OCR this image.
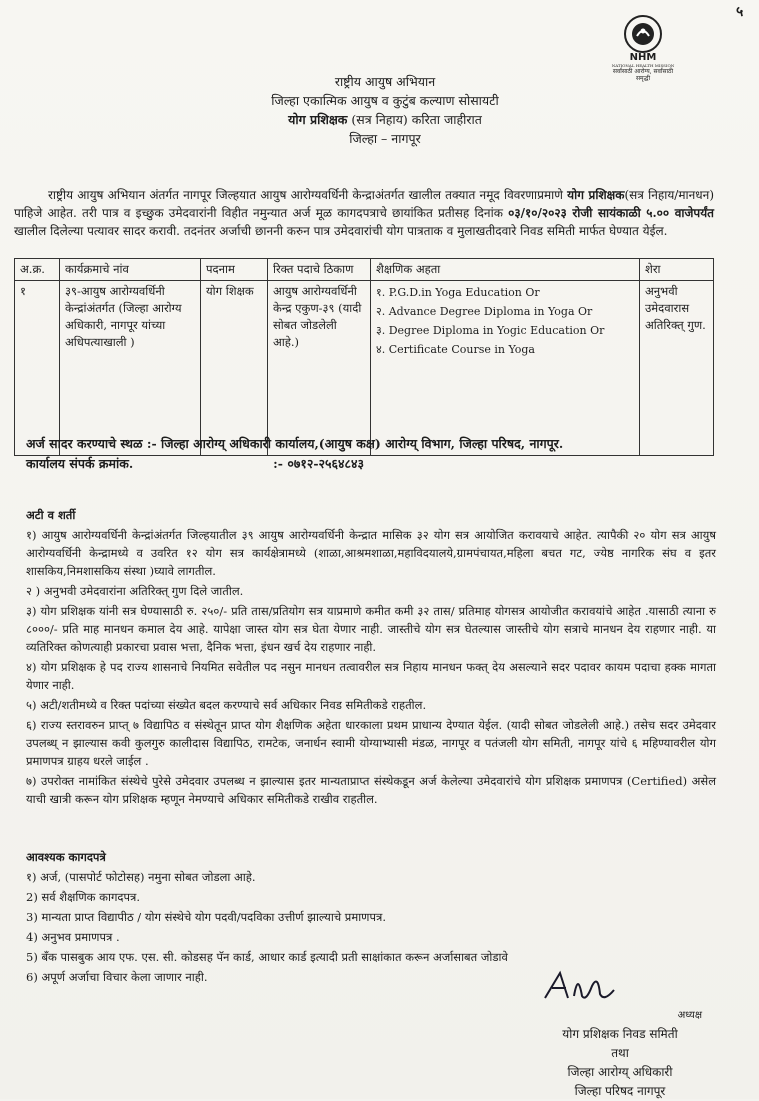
५
NHM
NATIONAL HEALTH MISSION
सर्वांसाठी आरोग्य, सर्वांसाठी समृद्धी
राष्ट्रीय आयुष अभियान
जिल्हा एकात्मिक आयुष व कुटुंब कल्याण सोसायटी
योग प्रशिक्षक (सत्र निहाय) करिता जाहीरात
जिल्हा – नागपूर
राष्ट्रीय आयुष अभियान अंतर्गत नागपूर जिल्हयात आयुष आरोग्यवर्धिनी केन्द्राअंतर्गत खालील तक्यात नमूद विवरणाप्रमाणे योग प्रशिक्षक(सत्र निहाय/मानधन) पाहिजे आहेत. तरी पात्र व इच्छुक उमेदवारांनी विहीत नमुन्यात अर्ज मूळ कागदपत्राचे छायांकित प्रतीसह दिनांक ०३/१०/२०२३ रोजी सायंकाळी ५.०० वाजेपर्यंत खालील दिलेल्या पत्यावर सादर करावी. तदनंतर अर्जाची छाननी करुन पात्र उमेदवारांची योग पात्रताक व मुलाखतीदवारे निवड समिती मार्फत घेण्यात येईल.
अ.क्र.	कार्यक्रमाचे नांव	पदनाम	रिक्त पदाचे ठिकाण	शैक्षणिक अहता	शेरा
१	३९-आयुष आरोग्यवर्धिनी केन्द्रांअंतर्गत (जिल्हा आरोग्य अधिकारी, नागपूर यांच्या अधिपत्याखाली )	योग शिक्षक	आयुष आरोग्यवर्धिनी केन्द्र एकुण-३९ (यादी सोबत जोडलेली आहे.)	१. P.G.D.in Yoga Education Or
२. Advance Degree Diploma in Yoga Or
३. Degree Diploma in Yogic Education Or
४. Certificate Course in Yoga	अनुभवी उमेदवारास अतिरिक्त् गुण.
अर्ज सादर करण्याचे स्थळ :- जिल्हा आरोग्य् अधिकारी कार्यालय,(आयुष कक्ष) आरोग्य् विभाग, जिल्हा परिषद, नागपूर.
कार्यालय संपर्क क्रमांक.	:- ०७१२-२५६४८४३

अटी व शर्ती

१) आयुष आरोग्यवर्धिनी केन्द्रांअंतर्गत जिल्हयातील ३९ आयुष आरोग्यवर्धिनी केन्द्रात मासिक ३२ योग सत्र आयोजित करावयाचे आहेत. त्यापैकी २० योग सत्र आयुष आरोग्यवर्धिनी केन्द्रामध्ये व उवरित १२ योग सत्र कार्यक्षेत्रामध्ये (शाळा,आश्रमशाळा,महाविदयालये,ग्रामपंचायत,महिला बचत गट, ज्येष्ठ नागरिक संघ व इतर शासकिय,निमशासकिय संस्था )घ्यावे लागतील.

२ ) अनुभवी उमेदवारांना अतिरिक्त् गुण दिले जातील.

३) योग प्रशिक्षक यांनी सत्र घेण्यासाठी रु. २५०/- प्रति तास/प्रतियोग सत्र याप्रमाणे कमीत कमी ३२ तास/ प्रतिमाह योगसत्र आयोजीत करावयांचे आहेत .यासाठी त्याना रु ८०००/- प्रति माह मानधन कमाल देय आहे. यापेक्षा जास्त योग सत्र घेता येणार नाही. जास्तीचे योग सत्र घेतल्यास जास्तीचे योग सत्राचे मानधन देय राहणार नाही. या व्यतिरिक्त कोणत्याही प्रकारचा प्रवास भत्ता, दैनिक भत्ता, इंधन खर्च देय राहणार नाही.

४) योग प्रशिक्षक हे पद राज्य शासनाचे नियमित सवेतील पद नसुन मानधन तत्वावरील सत्र निहाय मानधन फक्त् देय असल्याने सदर पदावर कायम पदाचा हक्क मागता येणार नाही.

५) अटी/शतीमध्ये व रिक्त पदांच्या संख्येत बदल करण्याचे सर्व अधिकार निवड समितीकडे राहतील.

६) राज्य स्तरावरुन प्राप्त् ७ विद्यापिठ व संस्थेतून प्राप्त योग शैक्षणिक अहेता धारकाला प्रथम प्राधान्य देण्यात येईल. (यादी सोबत जोडलेली आहे.) तसेच सदर उमेदवार उपलब्ध् न झाल्यास कवी कुलगुरु कालीदास विद्यापिठ, रामटेक, जनार्धन स्वामी योग्याभ्यासी मंडळ, नागपूर व पतंजली योग समिती, नागपूर यांचे ६ महिण्यावरील योग प्रमाणपत्र ग्राहय धरले जाईल .

७) उपरोक्त नामांकित संस्थेचे पुरेसे उमेदवार उपलब्ध न झाल्यास इतर मान्यताप्राप्त संस्थेकडून अर्ज केलेल्या उमेदवारांचे योग प्रशिक्षक प्रमाणपत्र (Certified) असेल याची खात्री करून योग प्रशिक्षक म्हणून नेमण्याचे अधिकार समितीकडे राखीव राहतील.

आवश्यक कागदपत्रे

१) अर्ज, (पासपोर्ट फोटोसह) नमुना सोबत जोडला आहे.

2) सर्व शैक्षणिक कागदपत्र.

3) मान्यता प्राप्त विद्यापीठ / योग संस्थेचे योग पदवी/पदविका उत्तीर्ण झाल्याचे प्रमाणपत्र.

4) अनुभव प्रमाणपत्र .

5) बँक पासबुक आय एफ. एस. सी. कोडसह पॅन कार्ड, आधार कार्ड इत्यादी प्रती साक्षांकात करून अर्जासाबत जोडावे

6) अपूर्ण अर्जाचा विचार केला जाणार नाही.

अध्यक्ष
योग प्रशिक्षक निवड समिती
तथा
जिल्हा आरोग्य् अधिकारी
जिल्हा परिषद नागपूर
